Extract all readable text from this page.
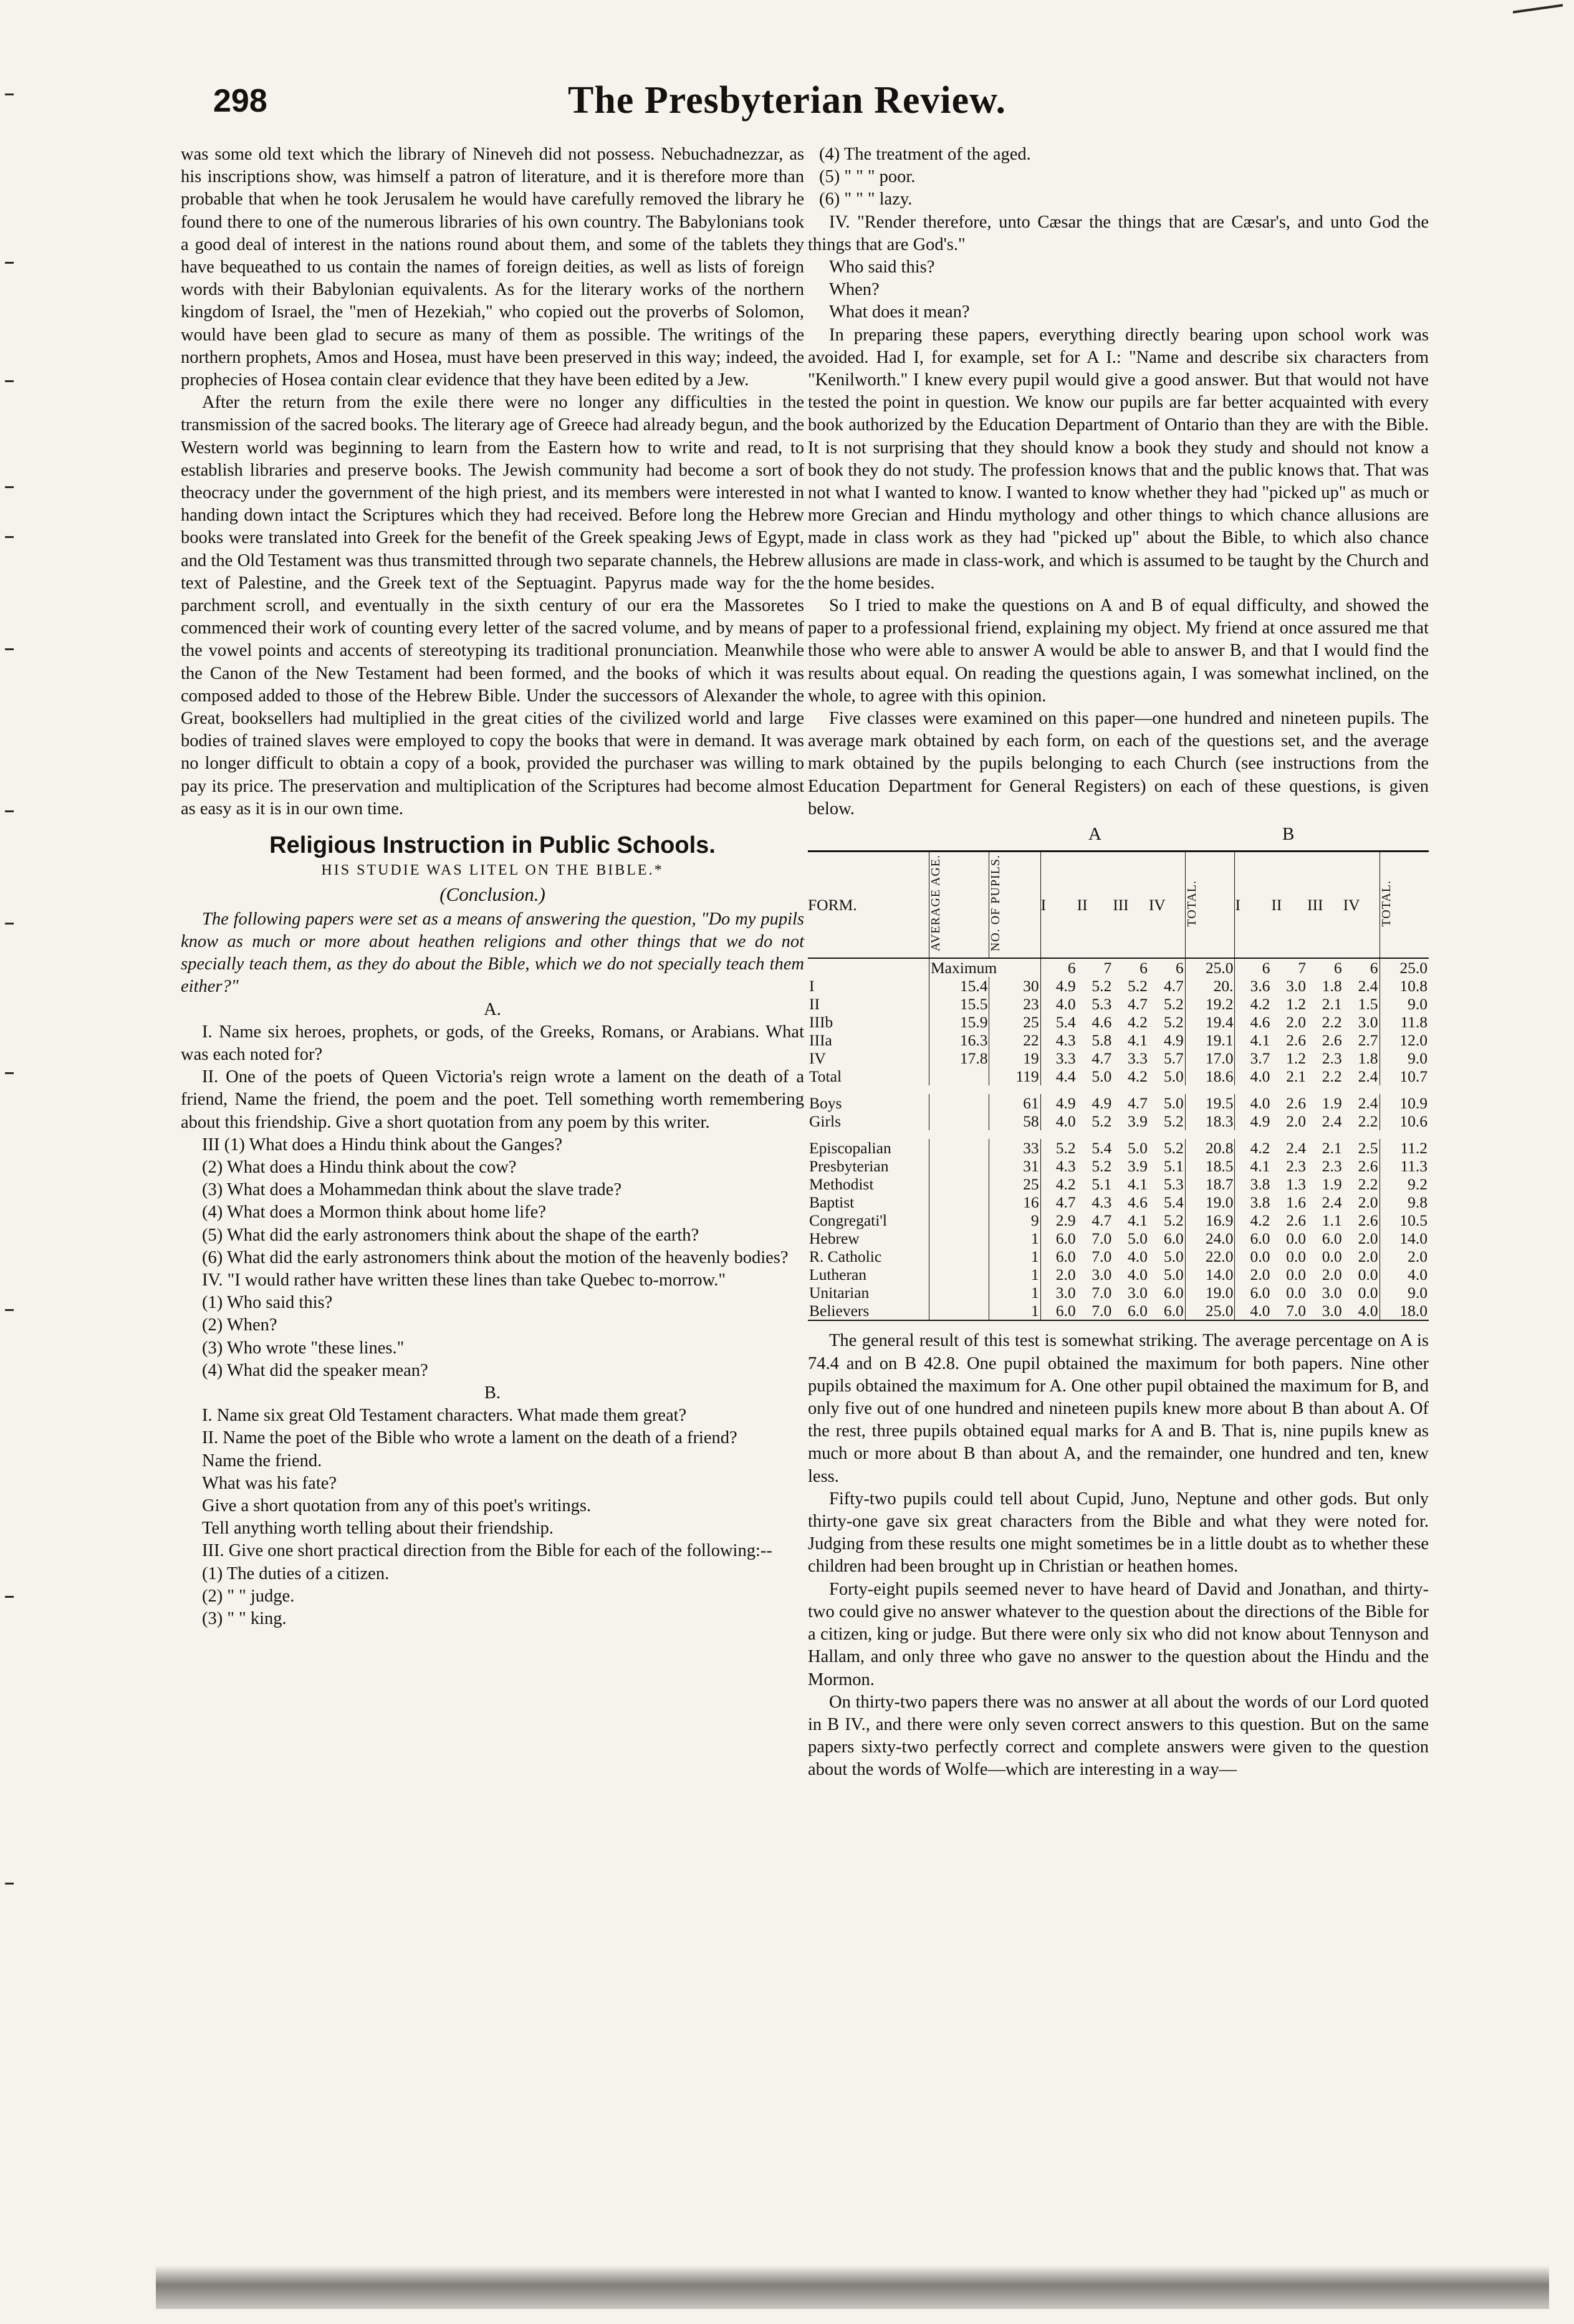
298	The Presbyterian Review.

was some old text which the library of Nineveh did not possess. Nebuchadnezzar, as his inscriptions show, was himself a patron of literature, and it is therefore more than probable that when he took Jerusalem he would have carefully removed the library he found there to one of the numerous libraries of his own country. The Babylonians took a good deal of interest in the nations round about them, and some of the tablets they have bequeathed to us contain the names of foreign deities, as well as lists of foreign words with their Babylonian equivalents. As for the literary works of the northern kingdom of Israel, the "men of Hezekiah," who copied out the proverbs of Solomon, would have been glad to secure as many of them as possible. The writings of the northern prophets, Amos and Hosea, must have been preserved in this way; indeed, the prophecies of Hosea contain clear evidence that they have been edited by a Jew.

After the return from the exile there were no longer any difficulties in the transmission of the sacred books. The literary age of Greece had already begun, and the Western world was beginning to learn from the Eastern how to write and read, to establish libraries and preserve books. The Jewish community had become a sort of theocracy under the government of the high priest, and its members were interested in handing down intact the Scriptures which they had received. Before long the Hebrew books were translated into Greek for the benefit of the Greek speaking Jews of Egypt, and the Old Testament was thus transmitted through two separate channels, the Hebrew text of Palestine, and the Greek text of the Septuagint. Papyrus made way for the parchment scroll, and eventually in the sixth century of our era the Massoretes commenced their work of counting every letter of the sacred volume, and by means of the vowel points and accents of stereotyping its traditional pronunciation. Meanwhile the Canon of the New Testament had been formed, and the books of which it was composed added to those of the Hebrew Bible. Under the successors of Alexander the Great, booksellers had multiplied in the great cities of the civilized world and large bodies of trained slaves were employed to copy the books that were in demand. It was no longer difficult to obtain a copy of a book, provided the purchaser was willing to pay its price. The preservation and multiplication of the Scriptures had become almost as easy as it is in our own time.

Religious Instruction in Public Schools.
HIS STUDIE WAS LITEL ON THE BIBLE.*
(Conclusion.)

The following papers were set as a means of answering the question, "Do my pupils know as much or more about heathen religions and other things that we do not specially teach them, as they do about the Bible, which we do not specially teach them either?"

A.

I. Name six heroes, prophets, or gods, of the Greeks, Romans, or Arabians. What was each noted for?

II. One of the poets of Queen Victoria's reign wrote a lament on the death of a friend, Name the friend, the poem and the poet. Tell something worth remembering about this friendship. Give a short quotation from any poem by this writer.

III (1) What does a Hindu think about the Ganges?

(2) What does a Hindu think about the cow?

(3) What does a Mohammedan think about the slave trade?

(4) What does a Mormon think about home life?

(5) What did the early astronomers think about the shape of the earth?

(6) What did the early astronomers think about the motion of the heavenly bodies?

IV. "I would rather have written these lines than take Quebec to-morrow."

(1) Who said this?
(2) When?
(3) Who wrote "these lines."
(4) What did the speaker mean?
B.

I. Name six great Old Testament characters. What made them great?

II. Name the poet of the Bible who wrote a lament on the death of a friend?

Name the friend.
What was his fate?
Give a short quotation from any of this poet's writings.
Tell anything worth telling about their friendship.

III. Give one short practical direction from the Bible for each of the following:--

(1) The duties of a citizen.
(2) " " judge.
(3) " " king.
(4) The treatment of the aged.
(5) " " " poor.
(6) " " " lazy.

IV. "Render therefore, unto Cæsar the things that are Cæsar's, and unto God the things that are God's."

Who said this?
When?
What does it mean?

In preparing these papers, everything directly bearing upon school work was avoided. Had I, for example, set for A I.: "Name and describe six characters from "Kenilworth." I knew every pupil would give a good answer. But that would not have tested the point in question. We know our pupils are far better acquainted with every book authorized by the Education Department of Ontario than they are with the Bible. It is not surprising that they should know a book they study and should not know a book they do not study. The profession knows that and the public knows that. That was not what I wanted to know. I wanted to know whether they had "picked up" as much or more Grecian and Hindu mythology and other things to which chance allusions are made in class work as they had "picked up" about the Bible, to which also chance allusions are made in class-work, and which is assumed to be taught by the Church and the home besides.

So I tried to make the questions on A and B of equal difficulty, and showed the paper to a professional friend, explaining my object. My friend at once assured me that those who were able to answer A would be able to answer B, and that I would find the results about equal. On reading the questions again, I was somewhat inclined, on the whole, to agree with this opinion.

Five classes were examined on this paper—one hundred and nineteen pupils. The average mark obtained by each form, on each of the questions set, and the average mark obtained by the pupils belonging to each Church (see instructions from the Education Department for General Registers) on each of these questions, is given below.

A	B
FORM.	AVERAGE AGE.	NO. OF PUPILS.	I	II	III	IV	TOTAL.	I	II	III	IV	TOTAL.
	Maximum		6	7	6	6	25.0	6	7	6	6	25.0
I	15.4	30	4.9	5.2	5.2	4.7	20.	3.6	3.0	1.8	2.4	10.8
II	15.5	23	4.0	5.3	4.7	5.2	19.2	4.2	1.2	2.1	1.5	9.0
IIIb	15.9	25	5.4	4.6	4.2	5.2	19.4	4.6	2.0	2.2	3.0	11.8
IIIa	16.3	22	4.3	5.8	4.1	4.9	19.1	4.1	2.6	2.6	2.7	12.0
IV	17.8	19	3.3	4.7	3.3	5.7	17.0	3.7	1.2	2.3	1.8	9.0
Total		119	4.4	5.0	4.2	5.0	18.6	4.0	2.1	2.2	2.4	10.7

Boys		61	4.9	4.9	4.7	5.0	19.5	4.0	2.6	1.9	2.4	10.9
Girls		58	4.0	5.2	3.9	5.2	18.3	4.9	2.0	2.4	2.2	10.6

Episcopalian		33	5.2	5.4	5.0	5.2	20.8	4.2	2.4	2.1	2.5	11.2
Presbyterian		31	4.3	5.2	3.9	5.1	18.5	4.1	2.3	2.3	2.6	11.3
Methodist		25	4.2	5.1	4.1	5.3	18.7	3.8	1.3	1.9	2.2	9.2
Baptist		16	4.7	4.3	4.6	5.4	19.0	3.8	1.6	2.4	2.0	9.8
Congregati'l		9	2.9	4.7	4.1	5.2	16.9	4.2	2.6	1.1	2.6	10.5
Hebrew		1	6.0	7.0	5.0	6.0	24.0	6.0	0.0	6.0	2.0	14.0
R. Catholic		1	6.0	7.0	4.0	5.0	22.0	0.0	0.0	0.0	2.0	2.0
Lutheran		1	2.0	3.0	4.0	5.0	14.0	2.0	0.0	2.0	0.0	4.0
Unitarian		1	3.0	7.0	3.0	6.0	19.0	6.0	0.0	3.0	0.0	9.0
Believers		1	6.0	7.0	6.0	6.0	25.0	4.0	7.0	3.0	4.0	18.0

The general result of this test is somewhat striking. The average percentage on A is 74.4 and on B 42.8. One pupil obtained the maximum for both papers. Nine other pupils obtained the maximum for A. One other pupil obtained the maximum for B, and only five out of one hundred and nineteen pupils knew more about B than about A. Of the rest, three pupils obtained equal marks for A and B. That is, nine pupils knew as much or more about B than about A, and the remainder, one hundred and ten, knew less.

Fifty-two pupils could tell about Cupid, Juno, Neptune and other gods. But only thirty-one gave six great characters from the Bible and what they were noted for. Judging from these results one might sometimes be in a little doubt as to whether these children had been brought up in Christian or heathen homes.

Forty-eight pupils seemed never to have heard of David and Jonathan, and thirty-two could give no answer whatever to the question about the directions of the Bible for a citizen, king or judge. But there were only six who did not know about Tennyson and Hallam, and only three who gave no answer to the question about the Hindu and the Mormon.

On thirty-two papers there was no answer at all about the words of our Lord quoted in B IV., and there were only seven correct answers to this question. But on the same papers sixty-two perfectly correct and complete answers were given to the question about the words of Wolfe—which are interesting in a way—
